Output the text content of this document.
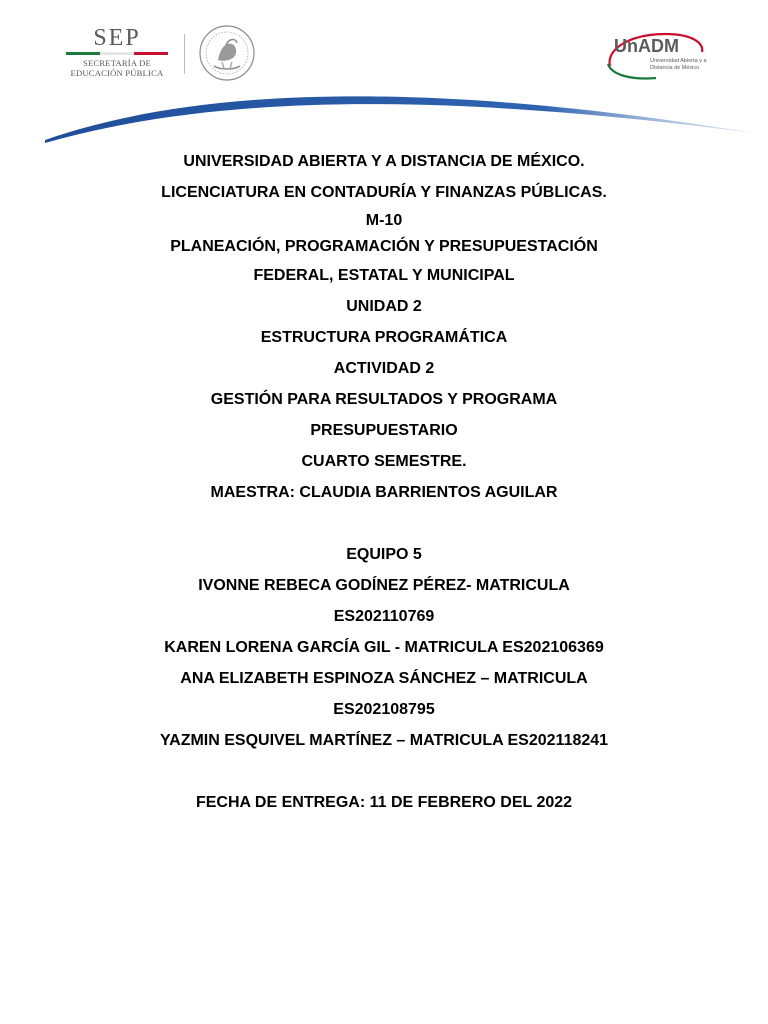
SEP
SECRETARÍA DE
EDUCACIÓN PÚBLICA
UnADM
Universidad Abierta y a
Distancia de México
UNIVERSIDAD ABIERTA Y A DISTANCIA DE MÉXICO.
LICENCIATURA EN CONTADURÍA Y FINANZAS PÚBLICAS.
M-10
PLANEACIÓN, PROGRAMACIÓN Y PRESUPUESTACIÓN
FEDERAL, ESTATAL Y MUNICIPAL
UNIDAD 2
ESTRUCTURA PROGRAMÁTICA
ACTIVIDAD 2
GESTIÓN PARA RESULTADOS Y PROGRAMA
PRESUPUESTARIO
CUARTO SEMESTRE.
MAESTRA: CLAUDIA BARRIENTOS AGUILAR
EQUIPO 5
IVONNE REBECA GODÍNEZ PÉREZ- MATRICULA
ES202110769
KAREN LORENA GARCÍA GIL - MATRICULA ES202106369
ANA ELIZABETH ESPINOZA SÁNCHEZ – MATRICULA
ES202108795
YAZMIN ESQUIVEL MARTÍNEZ – MATRICULA ES202118241
FECHA DE ENTREGA: 11 DE FEBRERO DEL 2022
